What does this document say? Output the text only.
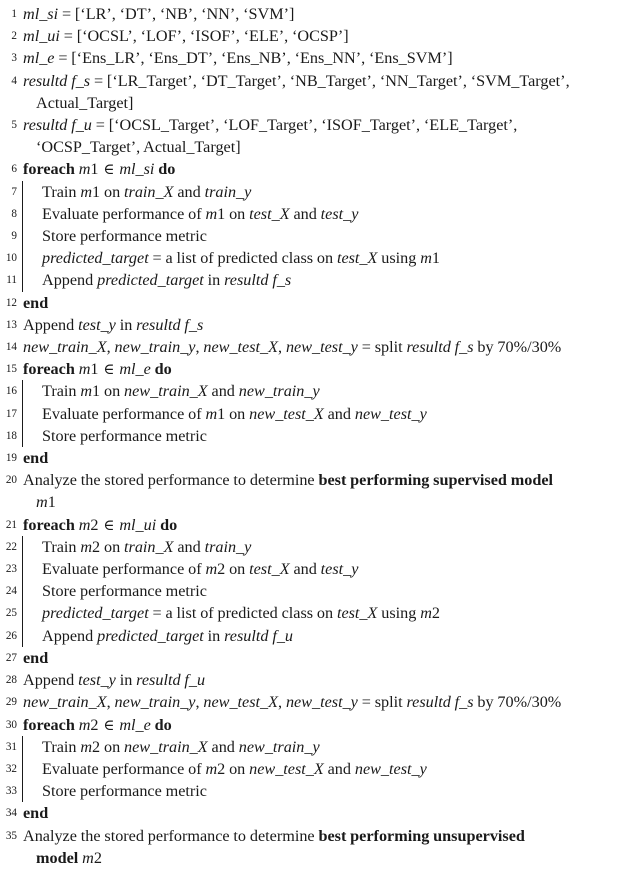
1 ml_si = [‘LR’, ‘DT’, ‘NB’, ‘NN’, ‘SVM’]
2 ml_ui = [‘OCSL’, ‘LOF’, ‘ISOF’, ‘ELE’, ‘OCSP’]
3 ml_e = [‘Ens_LR’, ‘Ens_DT’, ‘Ens_NB’, ‘Ens_NN’, ‘Ens_SVM’]
4 resultd f_s = [‘LR_Target’, ‘DT_Target’, ‘NB_Target’, ‘NN_Target’, ‘SVM_Target’,
Actual_Target]
5 resultd f_u = [‘OCSL_Target’, ‘LOF_Target’, ‘ISOF_Target’, ‘ELE_Target’,
‘OCSP_Target’, Actual_Target]
6 foreach m1 ∈ ml_si do
7	Train m1 on train_X and train_y
8	Evaluate performance of m1 on test_X and test_y
9	Store performance metric
10	predicted_target = a list of predicted class on test_X using m1
11	Append predicted_target in resultd f_s
12 end
13 Append test_y in resultd f_s
14 new_train_X, new_train_y, new_test_X, new_test_y = split resultd f_s by 70%/30%
15 foreach m1 ∈ ml_e do
16	Train m1 on new_train_X and new_train_y
17	Evaluate performance of m1 on new_test_X and new_test_y
18	Store performance metric
19 end
20 Analyze the stored performance to determine best performing supervised model
m1
21 foreach m2 ∈ ml_ui do
22	Train m2 on train_X and train_y
23	Evaluate performance of m2 on test_X and test_y
24	Store performance metric
25	predicted_target = a list of predicted class on test_X using m2
26	Append predicted_target in resultd f_u
27 end
28 Append test_y in resultd f_u
29 new_train_X, new_train_y, new_test_X, new_test_y = split resultd f_s by 70%/30%
30 foreach m2 ∈ ml_e do
31	Train m2 on new_train_X and new_train_y
32	Evaluate performance of m2 on new_test_X and new_test_y
33	Store performance metric
34 end
35 Analyze the stored performance to determine best performing unsupervised
model m2
